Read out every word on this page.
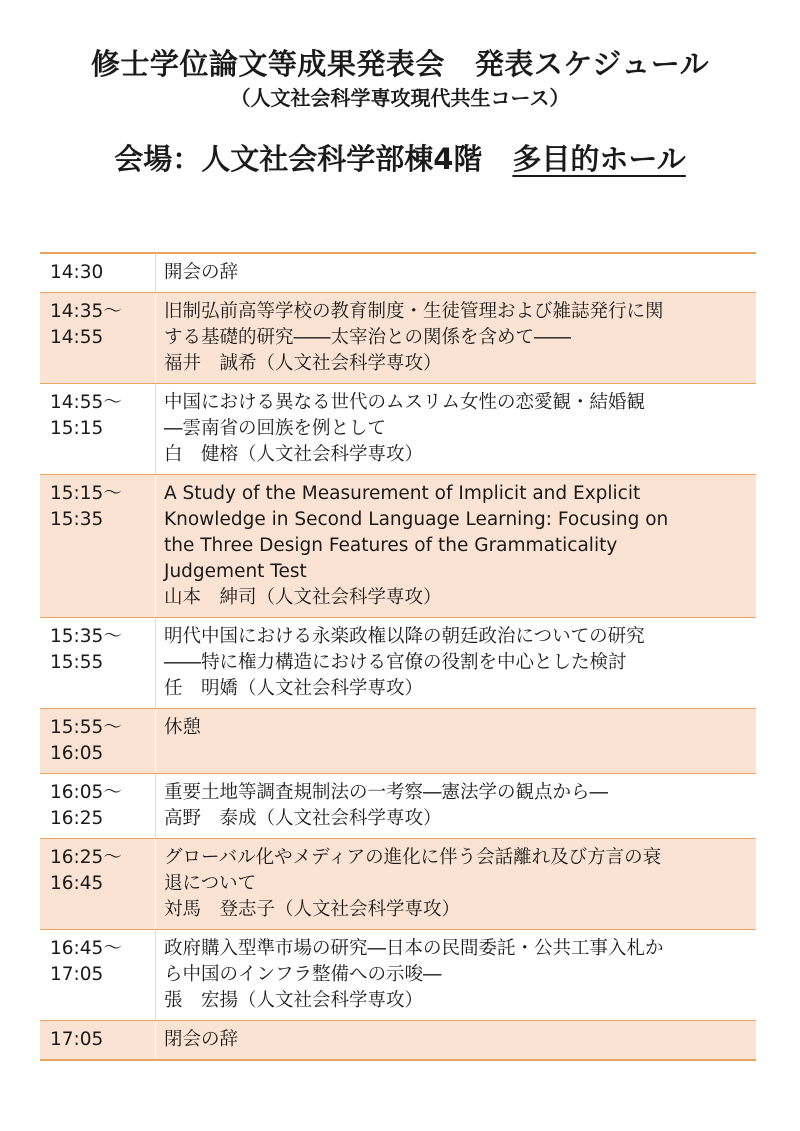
修士学位論文等成果発表会 発表スケジュール
（人文社会科学専攻現代共生コース）
会場：人文社会科学部棟4階 多目的ホール
14:30	開会の辞
14:35～
14:55
旧制弘前高等学校の教育制度・生徒管理および雑誌発行に関
する基礎的研究――太宰治との関係を含めて――
福井　誠希（人文社会科学専攻）
14:55～
15:15
中国における異なる世代のムスリム女性の恋愛観・結婚観
―雲南省の回族を例として
白　健榕（人文社会科学専攻）
15:15～
15:35
A Study of the Measurement of Implicit and Explicit
Knowledge in Second Language Learning: Focusing on
the Three Design Features of the Grammaticality
Judgement Test
山本　紳司（人文社会科学専攻）
15:35～
15:55
明代中国における永楽政権以降の朝廷政治についての研究
――特に権力構造における官僚の役割を中心とした検討
任　明嬌（人文社会科学専攻）
15:55～
16:05
休憩
16:05～
16:25
重要土地等調査規制法の一考察―憲法学の観点から―
高野　泰成（人文社会科学専攻）
16:25～
16:45
グローバル化やメディアの進化に伴う会話離れ及び方言の衰
退について
対馬　登志子（人文社会科学専攻）
16:45～
17:05
政府購入型準市場の研究―日本の民間委託・公共工事入札か
ら中国のインフラ整備への示唆―
張　宏揚（人文社会科学専攻）
17:05	閉会の辞
